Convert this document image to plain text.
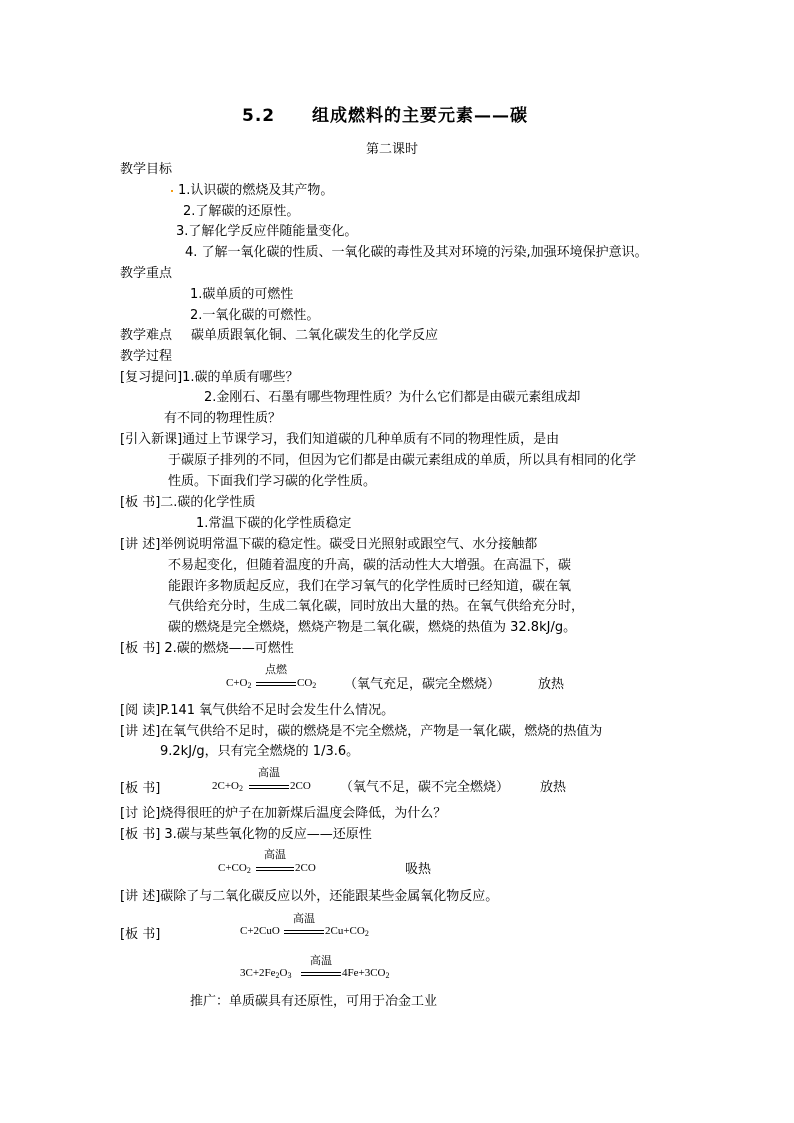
5.2 组成燃料的主要元素——碳
第二课时
教学目标
1.认识碳的燃烧及其产物。
2.了解碳的还原性。
3.了解化学反应伴随能量变化。
4. 了解一氧化碳的性质、一氧化碳的毒性及其对环境的污染,加强环境保护意识。
教学重点
1.碳单质的可燃性
2.一氧化碳的可燃性。
教学难点 碳单质跟氧化铜、二氧化碳发生的化学反应
教学过程
[复习提问]1.碳的单质有哪些？
2.金刚石、石墨有哪些物理性质？为什么它们都是由碳元素组成却
有不同的物理性质？
[引入新课]通过上节课学习，我们知道碳的几种单质有不同的物理性质，是由
于碳原子排列的不同，但因为它们都是由碳元素组成的单质，所以具有相同的化学
性质。下面我们学习碳的化学性质。
[板 书]二.碳的化学性质
1.常温下碳的化学性质稳定
[讲 述]举例说明常温下碳的稳定性。碳受日光照射或跟空气、水分接触都
不易起变化，但随着温度的升高，碳的活动性大大增强。在高温下，碳
能跟许多物质起反应，我们在学习氧气的化学性质时已经知道，碳在氧
气供给充分时，生成二氧化碳，同时放出大量的热。在氧气供给充分时，
碳的燃烧是完全燃烧，燃烧产物是二氧化碳，燃烧的热值为 32.8kJ/g。
[板 书] 2.碳的燃烧——可燃性
$C+O_2$
点燃
$CO_2$ （氧气充足，碳完全燃烧）	放热
[阅 读]P.141 氧气供给不足时会发生什么情况。
[讲 述]在氧气供给不足时，碳的燃烧是不完全燃烧，产物是一氧化碳，燃烧的热值为
9.2kJ/g，只有完全燃烧的 1/3.6。
[板 书]	$2C+O_2$
高温
2CO （氧气不足，碳不完全燃烧） 放热
[讨 论]烧得很旺的炉子在加新煤后温度会降低，为什么？
[板 书] 3.碳与某些氧化物的反应——还原性
$C+CO_2$
高温
2CO	吸热
[讲 述]碳除了与二氧化碳反应以外，还能跟某些金属氧化物反应。
[板 书]	C+2CuO
高温
$2Cu+CO_2$
$3C+2Fe_2O_3$
高温
$4Fe+3CO_2$
推广：单质碳具有还原性，可用于冶金工业
